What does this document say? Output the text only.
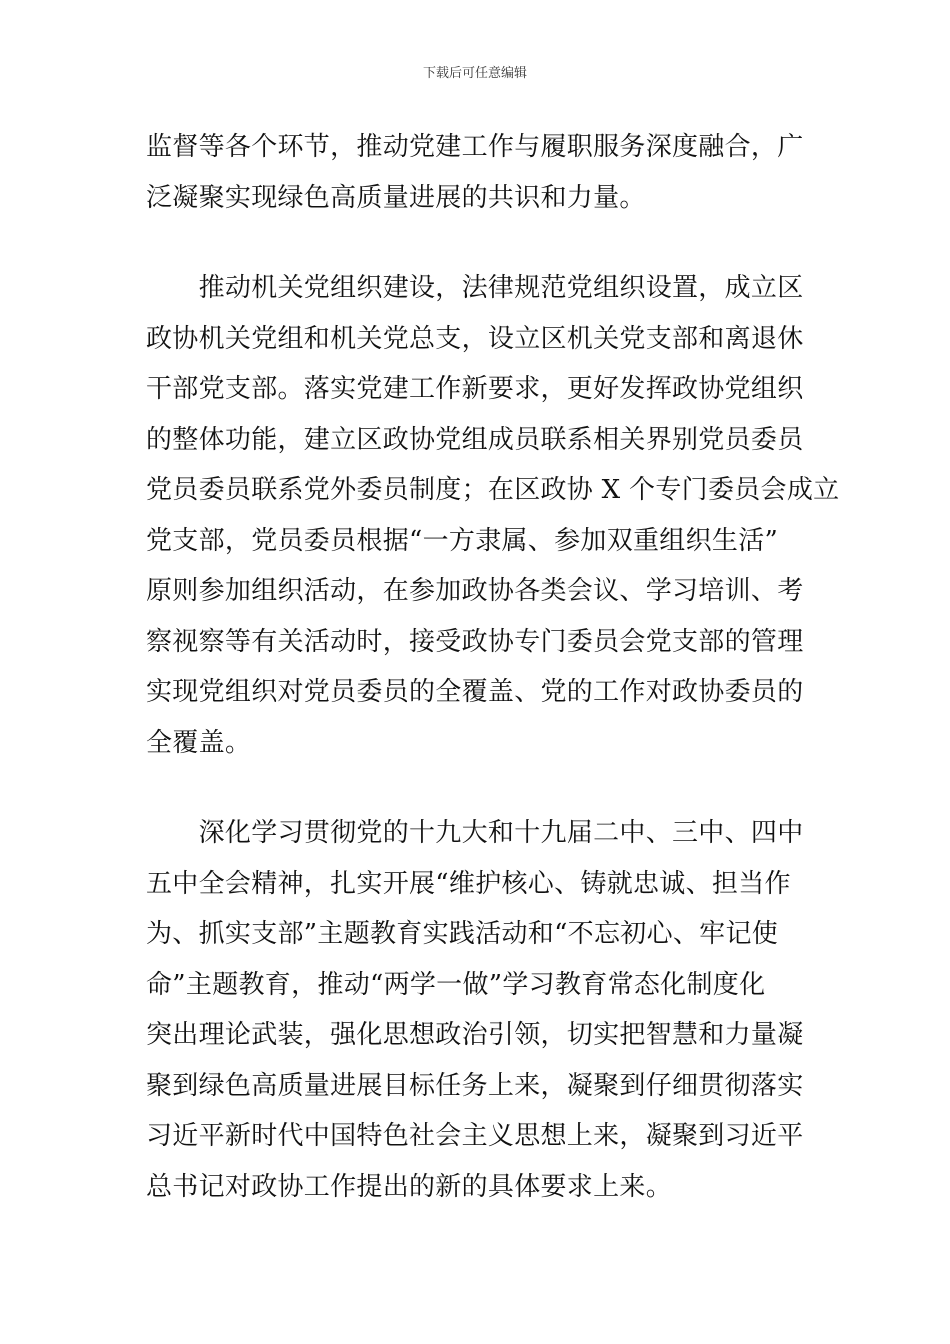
下载后可任意编辑
监督等各个环节，推动党建工作与履职服务深度融合，广
泛凝聚实现绿色高质量进展的共识和力量。
　　推动机关党组织建设，法律规范党组织设置，成立区
政协机关党组和机关党总支，设立区机关党支部和离退休
干部党支部。落实党建工作新要求，更好发挥政协党组织
的整体功能，建立区政协党组成员联系相关界别党员委员
党员委员联系党外委员制度；在区政协 X 个专门委员会成立
党支部，党员委员根据“一方隶属、参加双重组织生活”
原则参加组织活动，在参加政协各类会议、学习培训、考
察视察等有关活动时，接受政协专门委员会党支部的管理
实现党组织对党员委员的全覆盖、党的工作对政协委员的
全覆盖。
　　深化学习贯彻党的十九大和十九届二中、三中、四中
五中全会精神，扎实开展“维护核心、铸就忠诚、担当作
为、抓实支部”主题教育实践活动和“不忘初心、牢记使
命”主题教育，推动“两学一做”学习教育常态化制度化
突出理论武装，强化思想政治引领，切实把智慧和力量凝
聚到绿色高质量进展目标任务上来，凝聚到仔细贯彻落实
习近平新时代中国特色社会主义思想上来，凝聚到习近平
总书记对政协工作提出的新的具体要求上来。
